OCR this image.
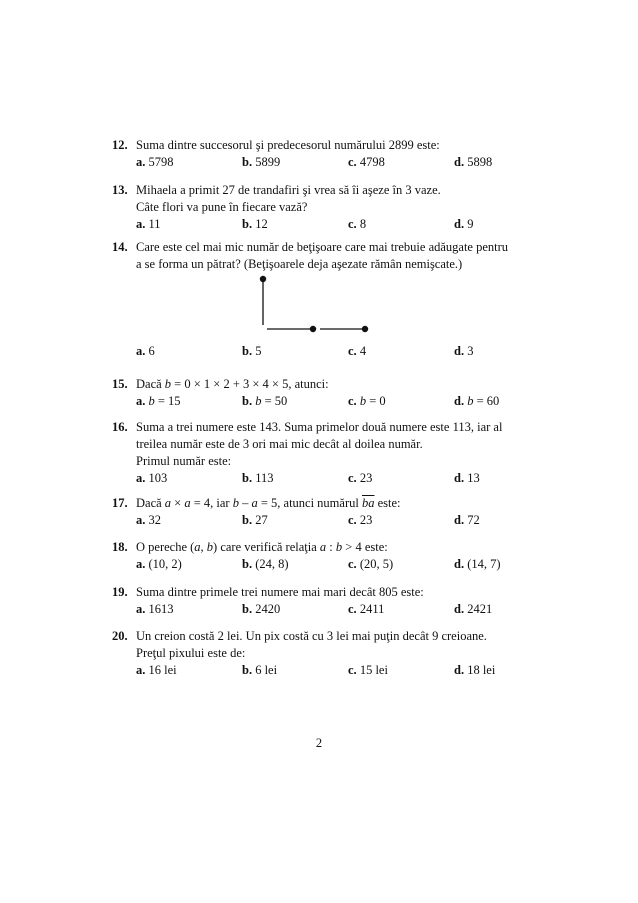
12. Suma dintre succesorul şi predecesorul numărului 2899 este:
a. 5798	b. 5899	c. 4798	d. 5898
13. Mihaela a primit 27 de trandafiri şi vrea să îi aşeze în 3 vaze.
Câte flori va pune în fiecare vază?
a. 11	b. 12	c. 8	d. 9
14. Care este cel mai mic număr de beţişoare care mai trebuie adăugate pentru
a se forma un pătrat? (Beţişoarele deja aşezate rămân nemişcate.)
a. 6	b. 5	c. 4	d. 3
15. Dacă b = 0 × 1 × 2 + 3 × 4 × 5, atunci:
a. b = 15	b. b = 50	c. b = 0	d. b = 60
16. Suma a trei numere este 143. Suma primelor două numere este 113, iar al
treilea număr este de 3 ori mai mic decât al doilea număr.
Primul număr este:
a. 103	b. 113	c. 23	d. 13
17. Dacă a × a = 4, iar b – a = 5, atunci numărul $\overline{ba}$ este:
a. 32	b. 27	c. 23	d. 72
18. O pereche (a, b) care verifică relaţia a : b > 4 este:
a. (10, 2)	b. (24, 8)	c. (20, 5)	d. (14, 7)
19. Suma dintre primele trei numere mai mari decât 805 este:
a. 1613	b. 2420	c. 2411	d. 2421
20. Un creion costă 2 lei. Un pix costă cu 3 lei mai puţin decât 9 creioane.
Preţul pixului este de:
a. 16 lei	b. 6 lei	c. 15 lei	d. 18 lei
2
